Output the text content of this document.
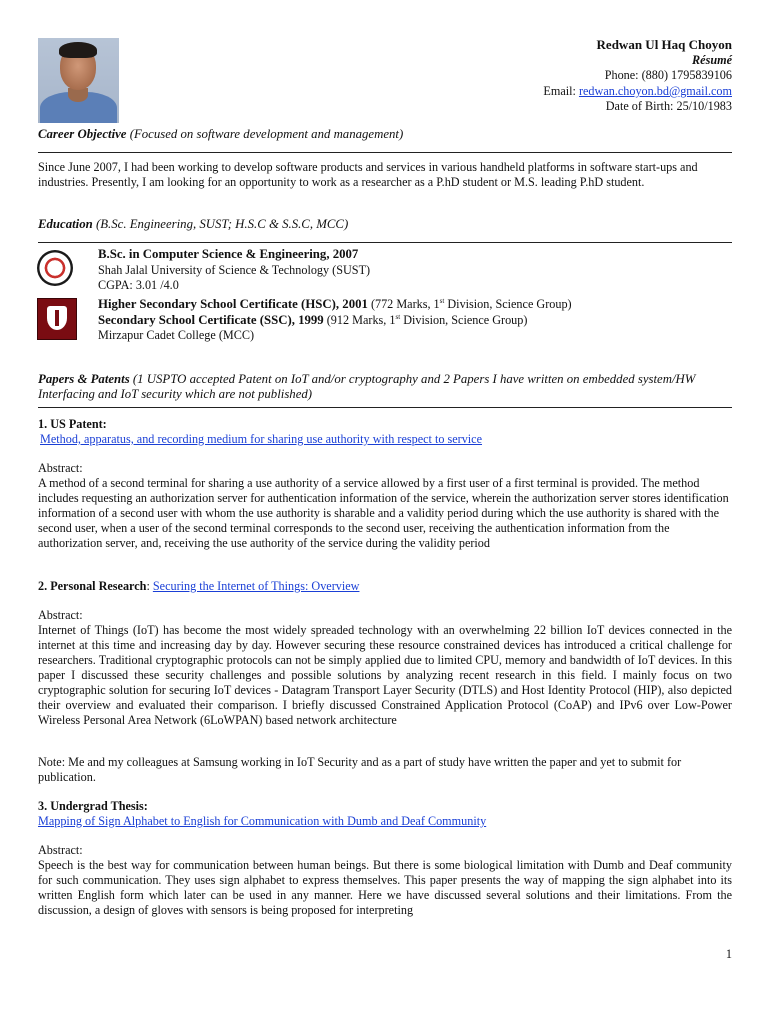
Redwan Ul Haq Choyon
Résumé
Phone: (880) 1795839106
Email: redwan.choyon.bd@gmail.com
Date of Birth: 25/10/1983
Career Objective (Focused on software development and management)
Since June 2007, I had been working to develop software products and services in various handheld platforms in software start-ups and industries. Presently, I am looking for an opportunity to work as a researcher as a P.hD student or M.S. leading P.hD student.
Education (B.Sc. Engineering, SUST; H.S.C & S.S.C, MCC)
B.Sc. in Computer Science & Engineering, 2007
Shah Jalal University of Science & Technology (SUST)
CGPA: 3.01 /4.0
Higher Secondary School Certificate (HSC), 2001 (772 Marks, 1st Division, Science Group)
Secondary School Certificate (SSC), 1999 (912 Marks, 1st Division, Science Group)
Mirzapur Cadet College (MCC)
Papers & Patents (1 USPTO accepted Patent on IoT and/or cryptography and 2 Papers I have written on embedded system/HW Interfacing and IoT security which are not published)
1. US Patent:
Method, apparatus, and recording medium for sharing use authority with respect to service
Abstract:
A method of a second terminal for sharing a use authority of a service allowed by a first user of a first terminal is provided. The method includes requesting an authorization server for authentication information of the service, wherein the authorization server stores identification information of a second user with whom the use authority is sharable and a validity period during which the use authority is shared with the second user, when a user of the second terminal corresponds to the second user, receiving the authentication information from the authorization server, and, receiving the use authority of the service during the validity period
2. Personal Research: Securing the Internet of Things: Overview
Abstract:
Internet of Things (IoT) has become the most widely spreaded technology with an overwhelming 22 billion IoT devices connected in the internet at this time and increasing day by day. However securing these resource constrained devices has introduced a critical challenge for researchers. Traditional cryptographic protocols can not be simply applied due to limited CPU, memory and bandwidth of IoT devices. In this paper I discussed these security challenges and possible solutions by analyzing recent research in this field. I mainly focus on two cryptographic solution for securing IoT devices - Datagram Transport Layer Security (DTLS) and Host Identity Protocol (HIP), also depicted their overview and evaluated their comparison. I briefly discussed Constrained Application Protocol (CoAP) and IPv6 over Low-Power Wireless Personal Area Network (6LoWPAN) based network architecture
Note: Me and my colleagues at Samsung working in IoT Security and as a part of study have written the paper and yet to submit for publication.
3. Undergrad Thesis:
Mapping of Sign Alphabet to English for Communication with Dumb and Deaf Community
Abstract:
Speech is the best way for communication between human beings. But there is some biological limitation with Dumb and Deaf community for such communication. They uses sign alphabet to express themselves. This paper presents the way of mapping the sign alphabet into its written English form which later can be used in any manner. Here we have discussed several solutions and their limitations. From the discussion, a design of gloves with sensors is being proposed for interpreting
1
